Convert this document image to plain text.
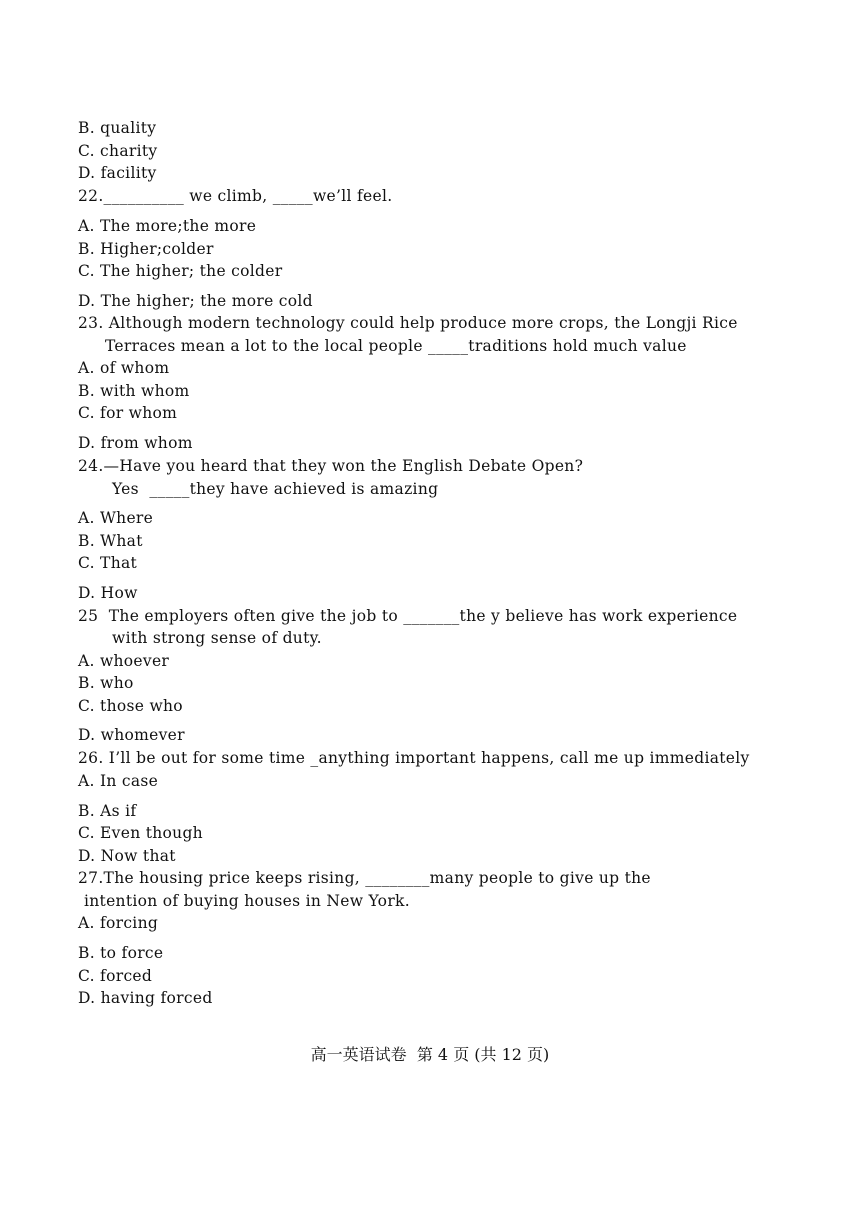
B. quality
C. charity
D. facility
22.__________ we climb, _____we’ll feel.
A. The more;the more
B. Higher;colder
C. The higher; the colder
D. The higher; the more cold
23. Although modern technology could help produce more crops, the Longji Rice
Terraces mean a lot to the local people _____traditions hold much value
A. of whom
B. with whom
C. for whom
D. from whom
24.—Have you heard that they won the English Debate Open?
Yes  _____they have achieved is amazing
A. Where
B. What
C. That
D. How
25  The employers often give the job to _______the y believe has work experience
with strong sense of duty.
A. whoever
B. who
C. those who
D. whomever
26. I’ll be out for some time _anything important happens, call me up immediately
A. In case
B. As if
C. Even though
D. Now that
27.The housing price keeps rising, ________many people to give up the
intention of buying houses in New York.
A. forcing
B. to force
C. forced
D. having forced
高一英语试卷  第 4 页 (共 12 页)
